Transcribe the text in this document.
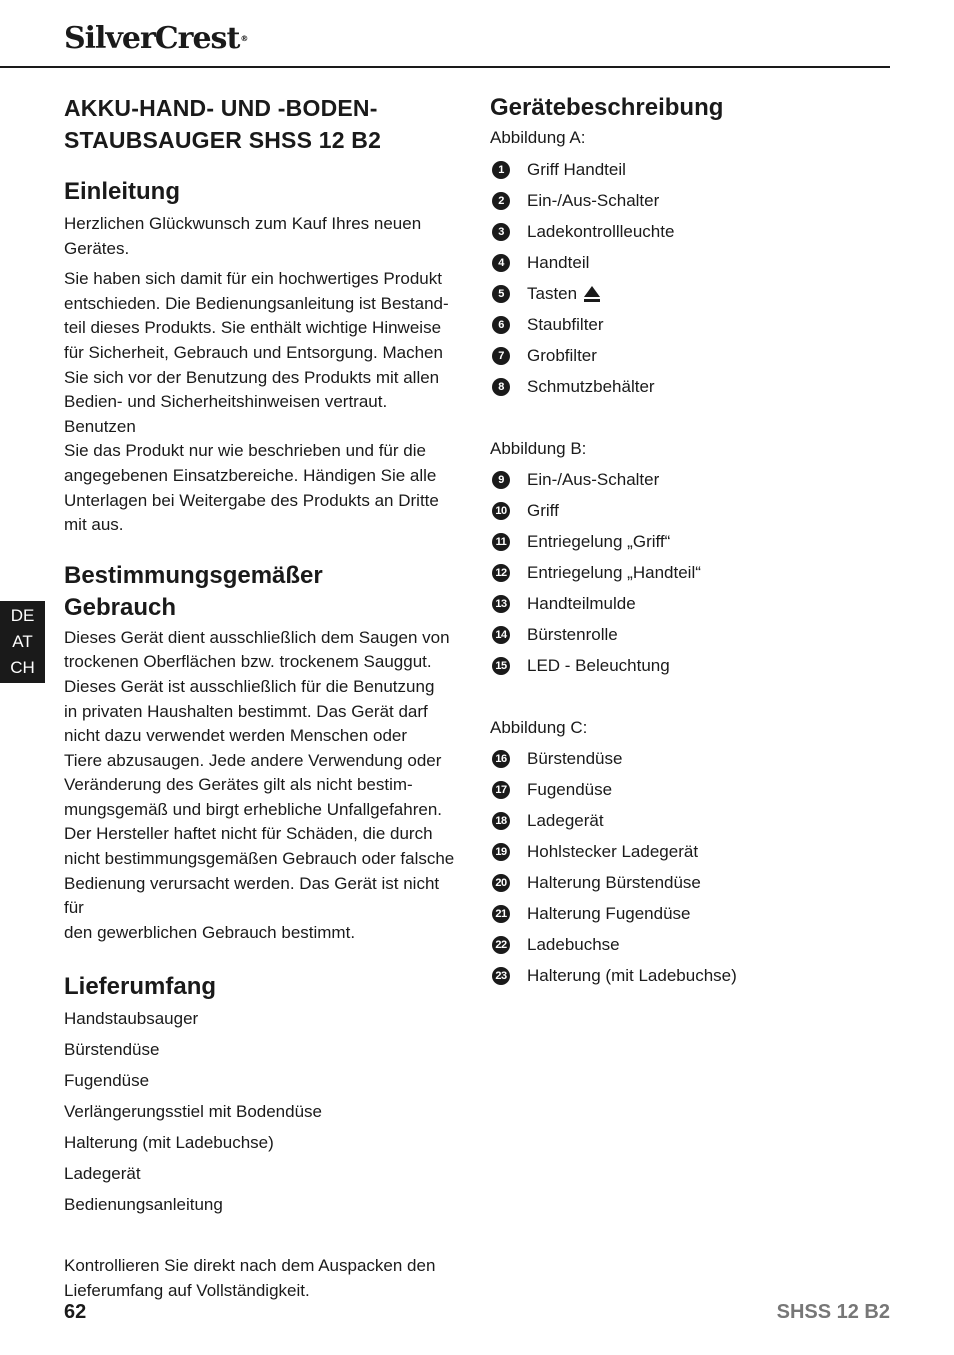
SilverCrest®
DE
AT
CH
AKKU-HAND- UND -BODEN-
STAUBSAUGER SHSS 12 B2
Einleitung

Herzlichen Glückwunsch zum Kauf Ihres neuen
Gerätes.

Sie haben sich damit für ein hochwertiges Produkt
entschieden. Die Bedienungsanleitung ist Bestand-
teil dieses Produkts. Sie enthält wichtige Hinweise
für Sicherheit, Gebrauch und Entsorgung. Machen
Sie sich vor der Benutzung des Produkts mit allen
Bedien- und Sicherheitshinweisen vertraut. Benutzen
Sie das Produkt nur wie beschrieben und für die
angegebenen Einsatzbereiche. Händigen Sie alle
Unterlagen bei Weitergabe des Produkts an Dritte
mit aus.

Bestimmungsgemäßer
Gebrauch

Dieses Gerät dient ausschließlich dem Saugen von
trockenen Oberflächen bzw. trockenem Sauggut.
Dieses Gerät ist ausschließlich für die Benutzung
in privaten Haushalten bestimmt. Das Gerät darf
nicht dazu verwendet werden Menschen oder
Tiere abzusaugen. Jede andere Verwendung oder
Veränderung des Gerätes gilt als nicht bestim-
mungsgemäß und birgt erhebliche Unfallgefahren.
Der Hersteller haftet nicht für Schäden, die durch
nicht bestimmungsgemäßen Gebrauch oder falsche
Bedienung verursacht werden. Das Gerät ist nicht für
den gewerblichen Gebrauch bestimmt.

Lieferumfang
Handstaubsauger
Bürstendüse
Fugendüse
Verlängerungsstiel mit Bodendüse
Halterung (mit Ladebuchse)
Ladegerät
Bedienungsanleitung

Kontrollieren Sie direkt nach dem Auspacken den
Lieferumfang auf Vollständigkeit.

Gerätebeschreibung
Abbildung A:
1	Griff Handteil
2	Ein-/Aus-Schalter
3	Ladekontrollleuchte
4	Handteil
5	Tasten
6	Staubfilter
7	Grobfilter
8	Schmutzbehälter
Abbildung B:
9	Ein-/Aus-Schalter
10 Griff
11 Entriegelung „Griff“
12 Entriegelung „Handteil“
13 Handteilmulde
14 Bürstenrolle
15 LED - Beleuchtung
Abbildung C:
16 Bürstendüse
17 Fugendüse
18 Ladegerät
19 Hohlstecker Ladegerät
20 Halterung Bürstendüse
21 Halterung Fugendüse
22 Ladebuchse
23 Halterung (mit Ladebuchse)
62	SHSS 12 B2
